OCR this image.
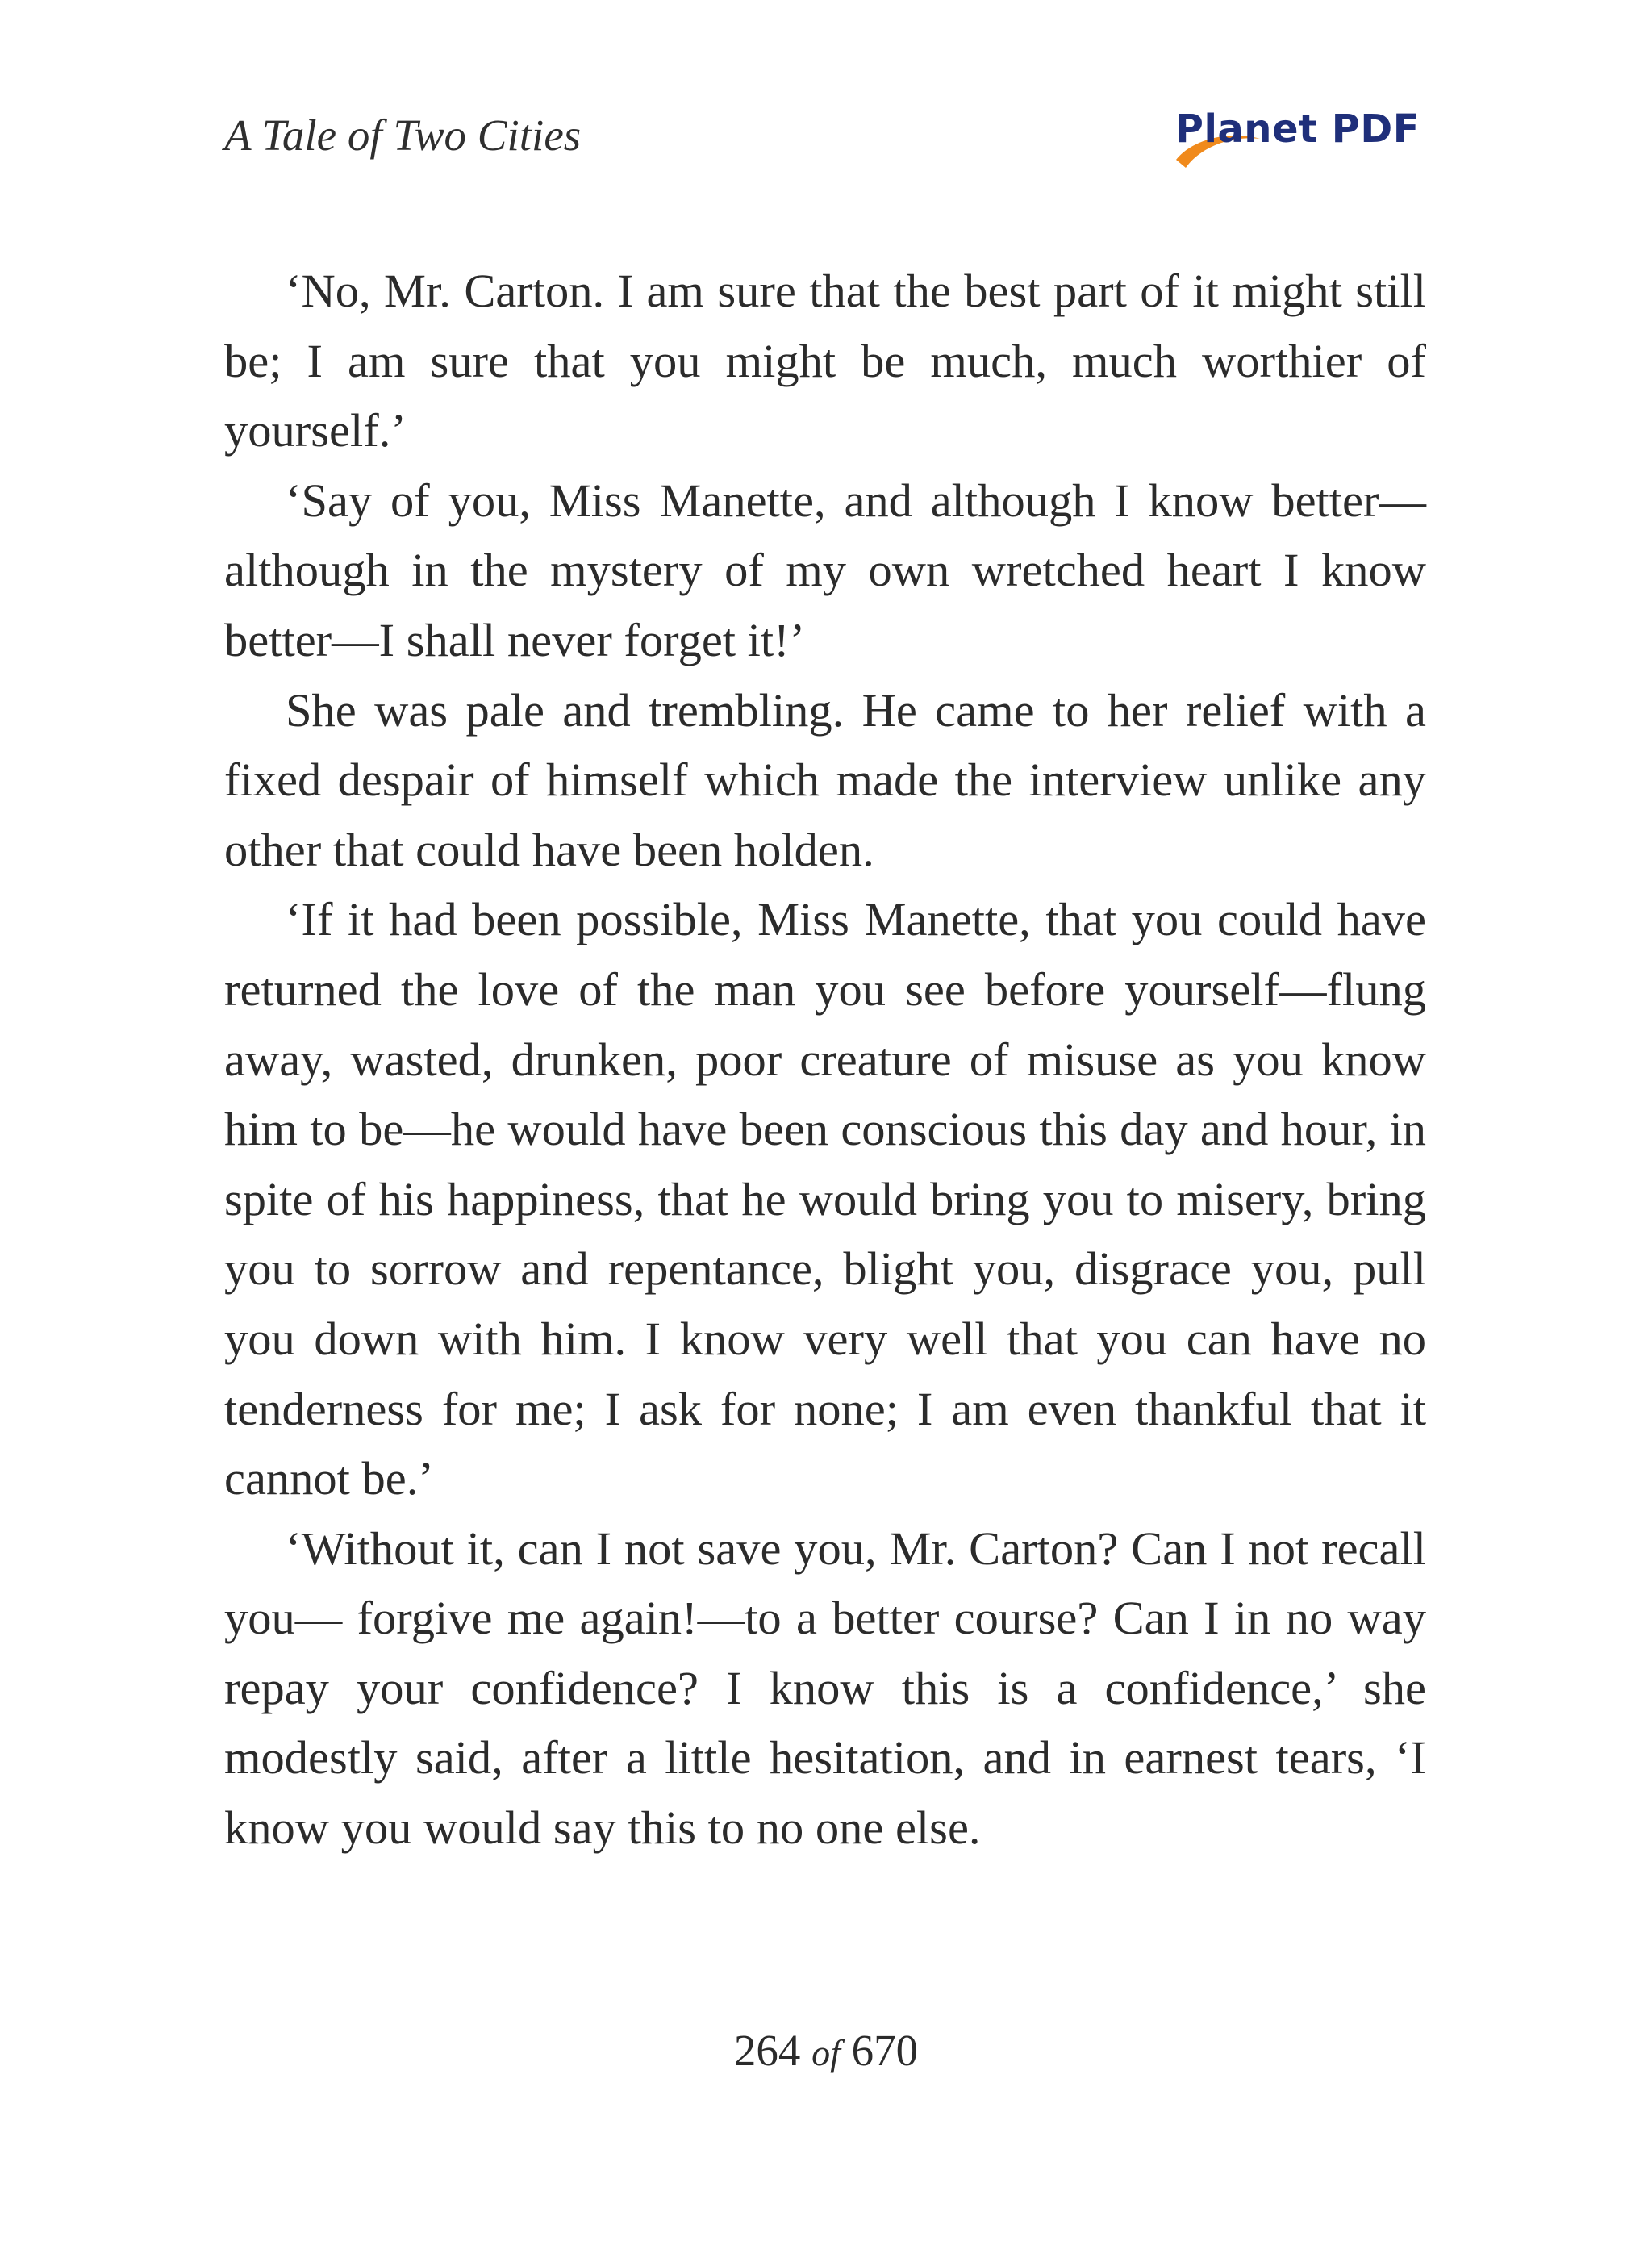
A Tale of Two Cities	Planet PDF

‘No, Mr. Carton. I am sure that the best part of it might still be; I am sure that you might be much, much worthier of yourself.’

‘Say of you, Miss Manette, and although I know better—although in the mystery of my own wretched heart I know better—I shall never forget it!’

She was pale and trembling. He came to her relief with a fixed despair of himself which made the interview unlike any other that could have been holden.

‘If it had been possible, Miss Manette, that you could have returned the love of the man you see before yourself—flung away, wasted, drunken, poor creature of misuse as you know him to be—he would have been conscious this day and hour, in spite of his happiness, that he would bring you to misery, bring you to sorrow and repentance, blight you, disgrace you, pull you down with him. I know very well that you can have no tenderness for me; I ask for none; I am even thankful that it cannot be.’

‘Without it, can I not save you, Mr. Carton? Can I not recall you— forgive me again!—to a better course? Can I in no way repay your confidence? I know this is a confidence,’ she modestly said, after a little hesitation, and in earnest tears, ‘I know you would say this to no one else.

264 of 670
